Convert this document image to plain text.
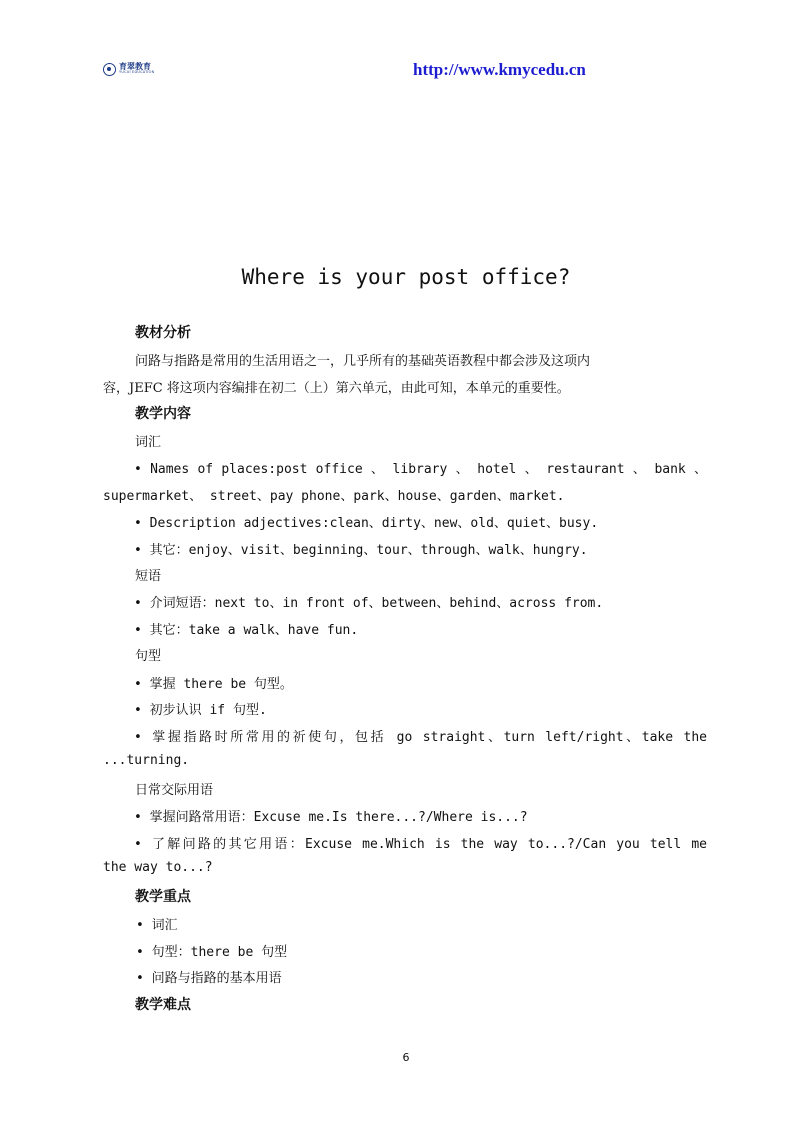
育翠教育
YUCUI EDUCATION	http://www.kmycedu.cn
Where is your post office?
教材分析
问路与指路是常用的生活用语之一，几乎所有的基础英语教程中都会涉及这项内
容，JEFC 将这项内容编排在初二（上）第六单元，由此可知，本单元的重要性。
教学内容
词汇
• Names of places:post office 、 library 、 hotel 、 restaurant 、 bank 、
supermarket、 street、pay phone、park、house、garden、market.
• Description adjectives:clean、dirty、new、old、quiet、busy.
• 其它：enjoy、visit、beginning、tour、through、walk、hungry.
短语
• 介词短语：next to、in front of、between、behind、across from.
• 其它：take a walk、have fun.
句型
• 掌握 there be 句型。
• 初步认识 if 句型.
• 掌握指路时所常用的祈使句，包括 go straight、turn left/right、take the
...turning.
日常交际用语
• 掌握问路常用语：Excuse me.Is there...?/Where is...?
• 了解问路的其它用语：Excuse me.Which is the way to...?/Can you tell me
the way to...?
教学重点
• 词汇
• 句型：there be 句型
• 问路与指路的基本用语
教学难点
6
